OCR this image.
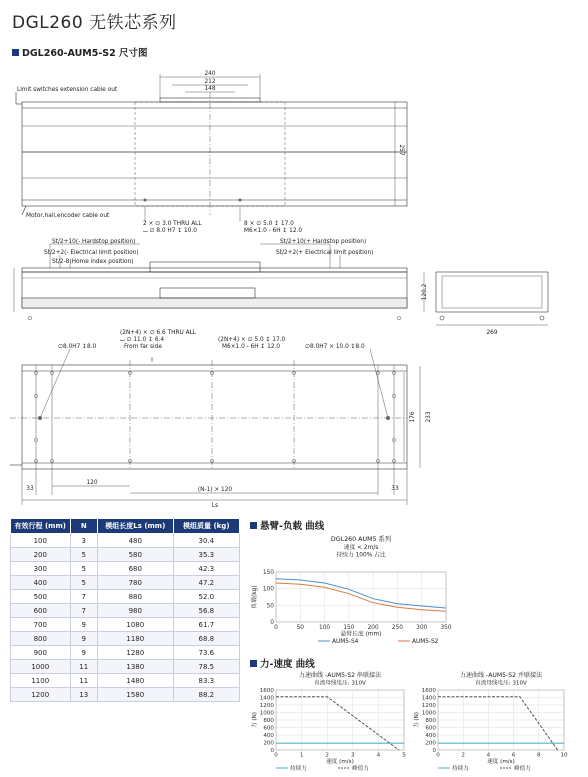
DGL260 无铁芯系列
DGL260-AUM5-S2 尺寸图
240
212
148
257
Limit switches extension cable out
Motor,hall,encoder cable out
2 × ∅ 3.0 THRU ALL
⌴ ∅ 8.0 H7 ↧ 10.0
8 × ∅ 5.0 ↧ 17.0
M6×1.0 - 6H ↧ 12.0
St/2+10(- Hardstop position)
St/2+2(- Electrical limit position)
St/2-8(Home index position)
St/2+10(+ Hardstop position)
St/2+2(+ Electrical limit position)
120.2
269
∅8.0H7 ↧8.0
(2N+4) × ∅ 6.6 THRU ALL
⌴ ∅ 11.0 ↧ 6.4
From far side
(2N+4) × ∅ 5.0 ↧ 17.0
M6×1.0 - 6H ↧ 12.0	∅8.0H7 × 10.0 ↧8.0
33
120
(N-1) × 120	33
Ls
176 233
有效行程 (mm)	N	模组长度Ls (mm)	模组质量 (kg)
100	3	480	30.4
200	5	580	35.3
300	5	680	42.3
400	5	780	47.2
500	7	880	52.0
600	7	980	56.8
700	9	1080	61.7
800	9	1180	68.8
900	9	1280	73.6
1000	11	1380	78.5
1100	11	1480	83.3
1200	13	1580	88.2
悬臂-负载 曲线
DGL260 AUM5 系列
速度 < 2m/s
持续力 100% 占比
0
50
100
150
0	50	100 150 200 250 300 350
悬臂长度 (mm)
负载(kg)
AUM5-S4	AUM5-S2
力-速度 曲线
力速曲线 -AUM5-S2 串联接法
直流母线电压: 310V
0
200
400
600
800
1000
1200
1400
1600
0	1	2	3	4	5
速度 (m/s)
力 (N)
持续力	峰值力
力速曲线 -AUM5-S2 并联接法
直流母线电压: 310V
0
200
400
600
800
1000
1200
1400
1600
0	2	4	6	8	10
速度 (m/s)
力 (N)
持续力	峰值力
